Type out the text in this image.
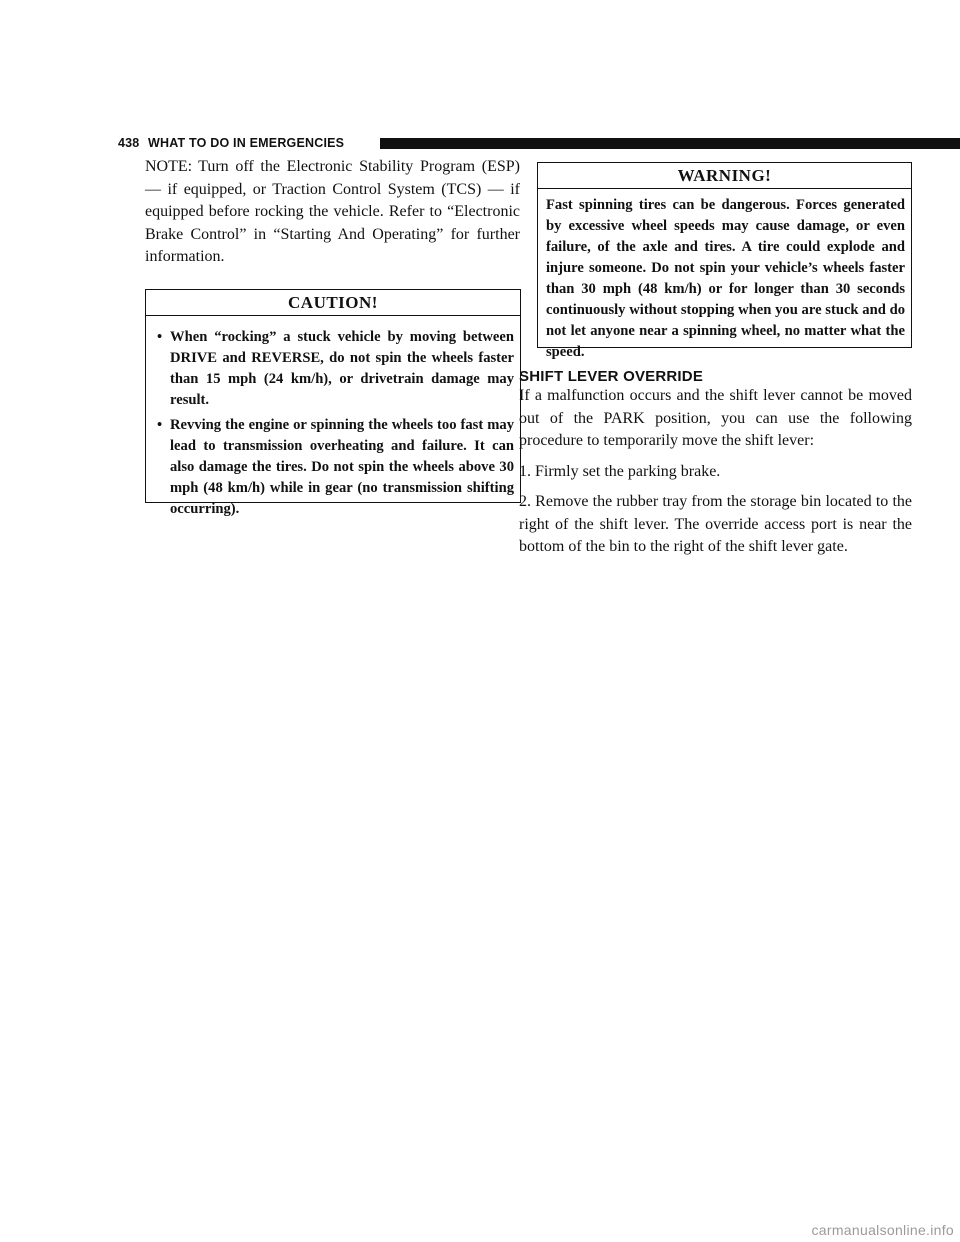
438 WHAT TO DO IN EMERGENCIES

NOTE: Turn off the Electronic Stability Program (ESP) — if equipped, or Traction Control System (TCS) — if equipped before rocking the vehicle. Refer to “Electronic Brake Control” in “Starting And Operating” for further information.

CAUTION!
• When “rocking” a stuck vehicle by moving between DRIVE and REVERSE, do not spin the wheels faster than 15 mph (24 km/h), or drivetrain damage may result.
• Revving the engine or spinning the wheels too fast may lead to transmission overheating and failure. It can also damage the tires. Do not spin the wheels above 30 mph (48 km/h) while in gear (no transmission shifting occurring).
WARNING!
Fast spinning tires can be dangerous. Forces generated by excessive wheel speeds may cause damage, or even failure, of the axle and tires. A tire could explode and injure someone. Do not spin your vehicle’s wheels faster than 30 mph (48 km/h) or for longer than 30 seconds continuously without stopping when you are stuck and do not let anyone near a spinning wheel, no matter what the speed.
SHIFT LEVER OVERRIDE

If a malfunction occurs and the shift lever cannot be moved out of the PARK position, you can use the following procedure to temporarily move the shift lever:

1. Firmly set the parking brake.

2. Remove the rubber tray from the storage bin located to the right of the shift lever. The override access port is near the bottom of the bin to the right of the shift lever gate.

carmanualsonline.info
